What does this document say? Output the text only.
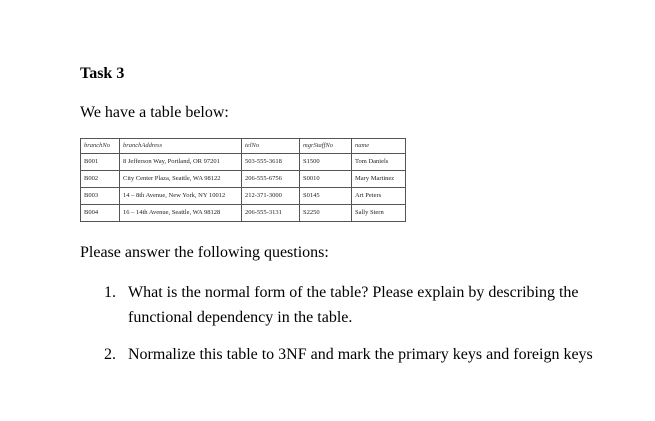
Task 3
We have a table below:
branchNo	branchAddress	telNo	mgrStaffNo	name
B001	8 Jefferson Way, Portland, OR 97201	503-555-3618	S1500	Tom Daniels
B002	City Center Plaza, Seattle, WA 98122	206-555-6756	S0010	Mary Martinez
B003	14 – 8th Avenue, New York, NY 10012	212-371-3000	S0145	Art Peters
B004	16 – 14th Avenue, Seattle, WA 98128	206-555-3131	S2250	Sally Stern
Please answer the following questions:
1. What is the normal form of the table? Please explain by describing the
functional dependency in the table.
2. Normalize this table to 3NF and mark the primary keys and foreign keys
